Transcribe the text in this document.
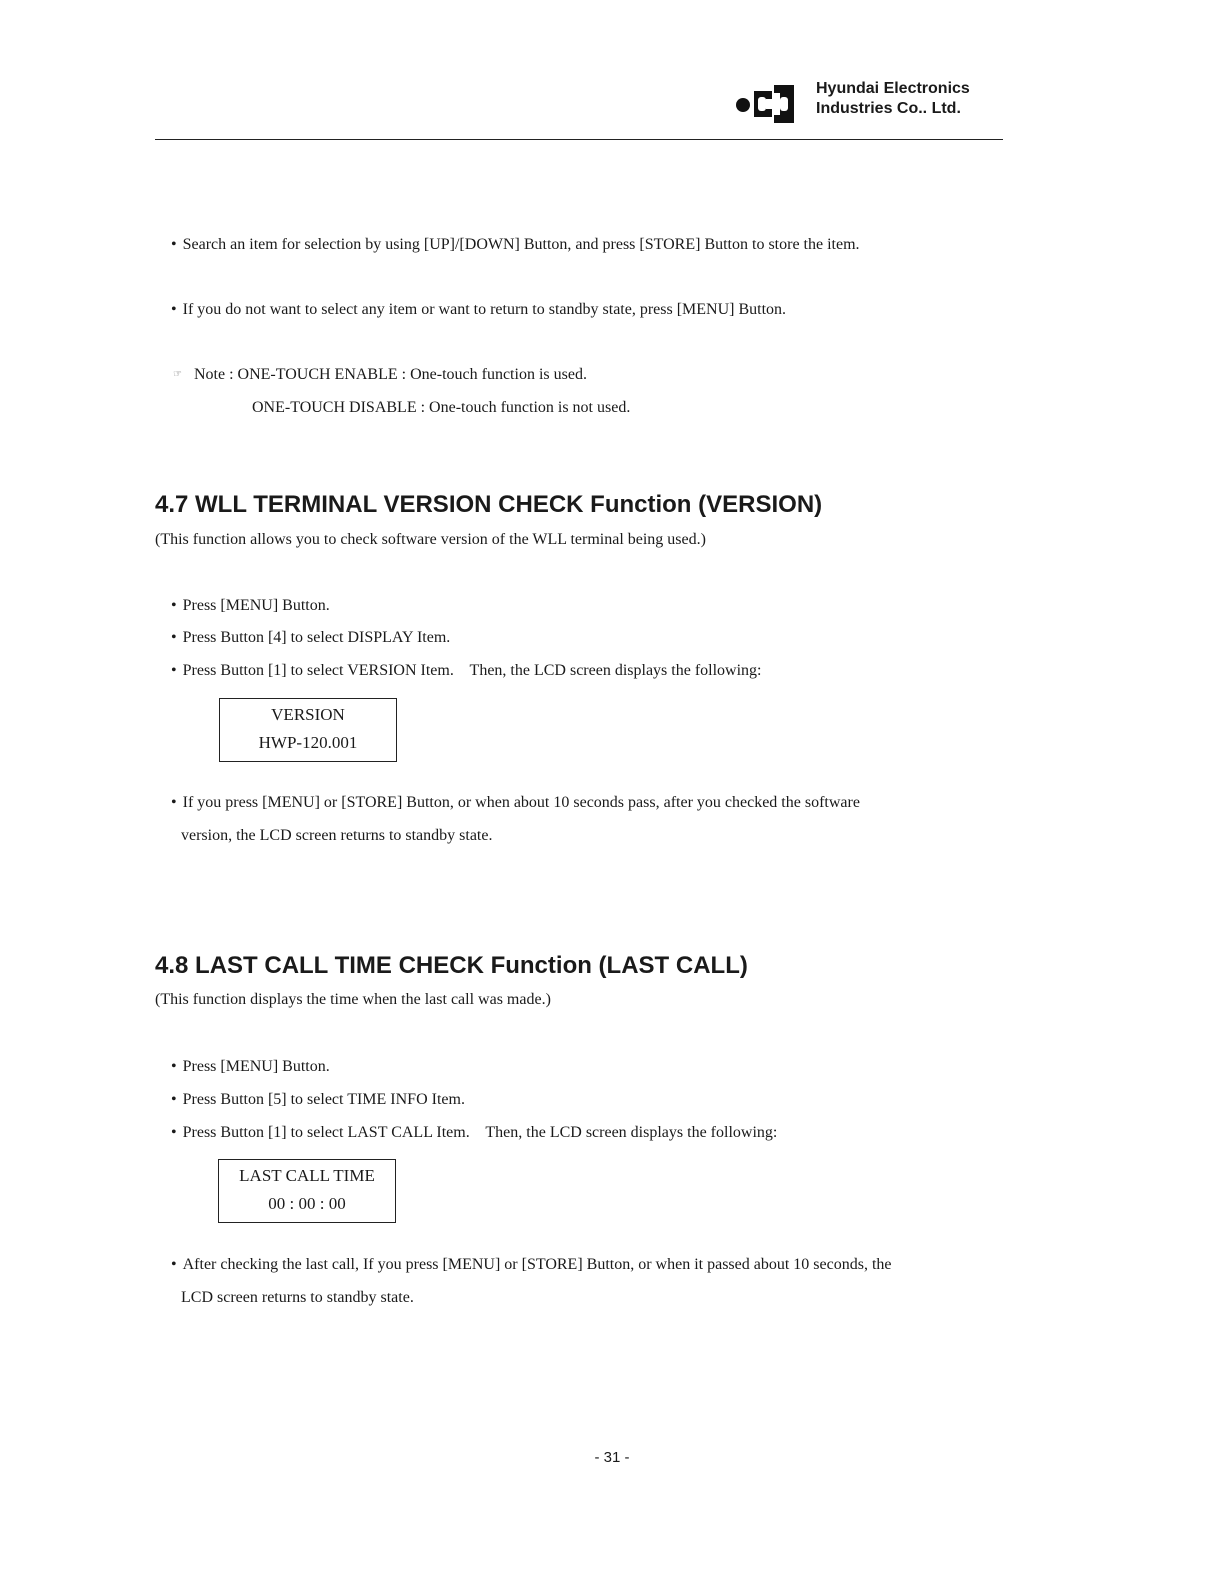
Hyundai Electronics
Industries Co.. Ltd.
• Search an item for selection by using [UP]/[DOWN] Button, and press [STORE] Button to store the item.
• If you do not want to select any item or want to return to standby state, press [MENU] Button.
☞ Note : ONE-TOUCH ENABLE : One-touch function is used.
ONE-TOUCH DISABLE : One-touch function is not used.
4.7 WLL TERMINAL VERSION CHECK Function (VERSION)
(This function allows you to check software version of the WLL terminal being used.)
• Press [MENU] Button.
• Press Button [4] to select DISPLAY Item.
• Press Button [1] to select VERSION Item.    Then, the LCD screen displays the following:
VERSION
HWP-120.001
• If you press [MENU] or [STORE] Button, or when about 10 seconds pass, after you checked the software
version, the LCD screen returns to standby state.
4.8 LAST CALL TIME CHECK Function (LAST CALL)
(This function displays the time when the last call was made.)
• Press [MENU] Button.
• Press Button [5] to select TIME INFO Item.
• Press Button [1] to select LAST CALL Item.    Then, the LCD screen displays the following:
LAST CALL TIME
00 : 00 : 00
• After checking the last call, If you press [MENU] or [STORE] Button, or when it passed about 10 seconds, the
LCD screen returns to standby state.
- 31 -
